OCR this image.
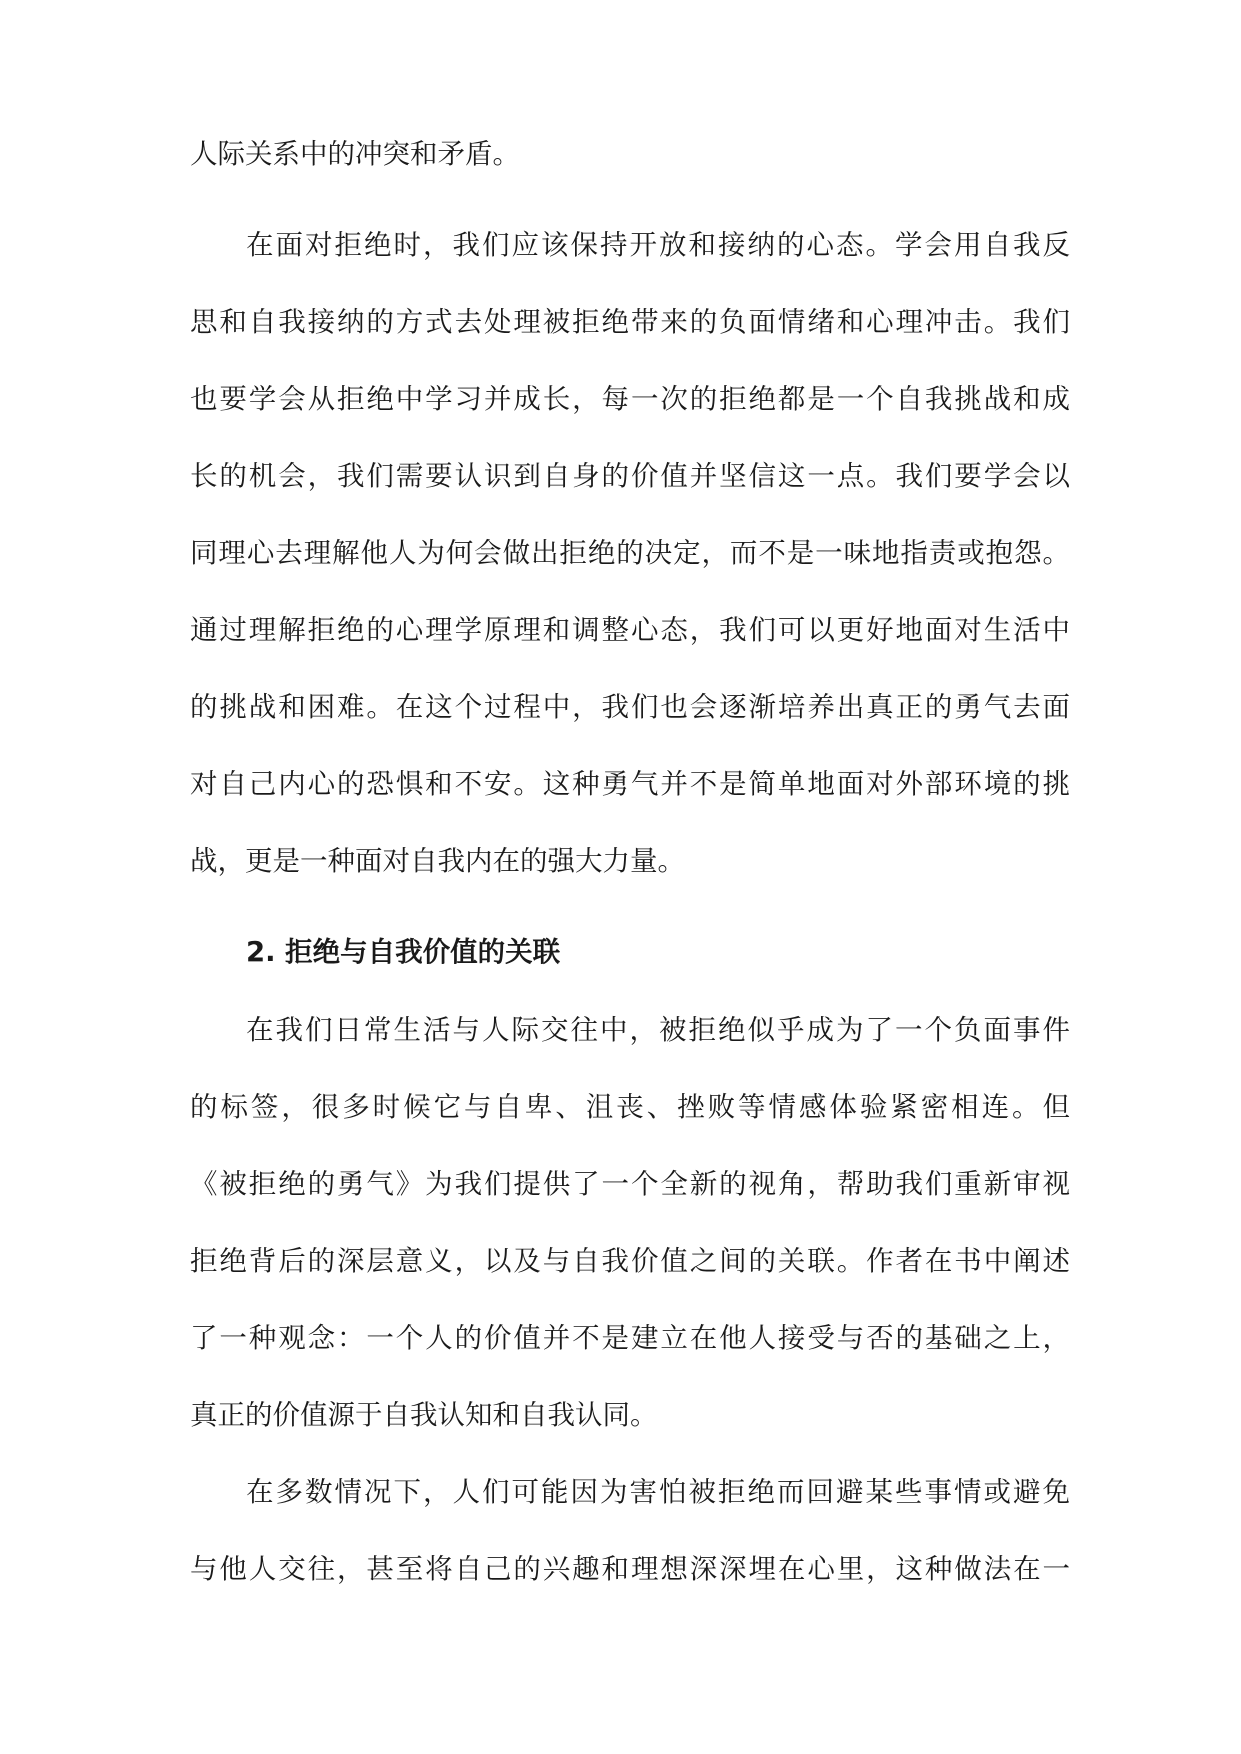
人际关系中的冲突和矛盾。
在面对拒绝时，我们应该保持开放和接纳的心态。学会用自我反
思和自我接纳的方式去处理被拒绝带来的负面情绪和心理冲击。我们
也要学会从拒绝中学习并成长，每一次的拒绝都是一个自我挑战和成
长的机会，我们需要认识到自身的价值并坚信这一点。我们要学会以
同理心去理解他人为何会做出拒绝的决定，而不是一味地指责或抱怨。
通过理解拒绝的心理学原理和调整心态，我们可以更好地面对生活中
的挑战和困难。在这个过程中，我们也会逐渐培养出真正的勇气去面
对自己内心的恐惧和不安。这种勇气并不是简单地面对外部环境的挑
战，更是一种面对自我内在的强大力量。
2. 拒绝与自我价值的关联
在我们日常生活与人际交往中，被拒绝似乎成为了一个负面事件
的标签，很多时候它与自卑、沮丧、挫败等情感体验紧密相连。但
《被拒绝的勇气》为我们提供了一个全新的视角，帮助我们重新审视
拒绝背后的深层意义，以及与自我价值之间的关联。作者在书中阐述
了一种观念：一个人的价值并不是建立在他人接受与否的基础之上，
真正的价值源于自我认知和自我认同。
在多数情况下，人们可能因为害怕被拒绝而回避某些事情或避免
与他人交往，甚至将自己的兴趣和理想深深埋在心里，这种做法在一
